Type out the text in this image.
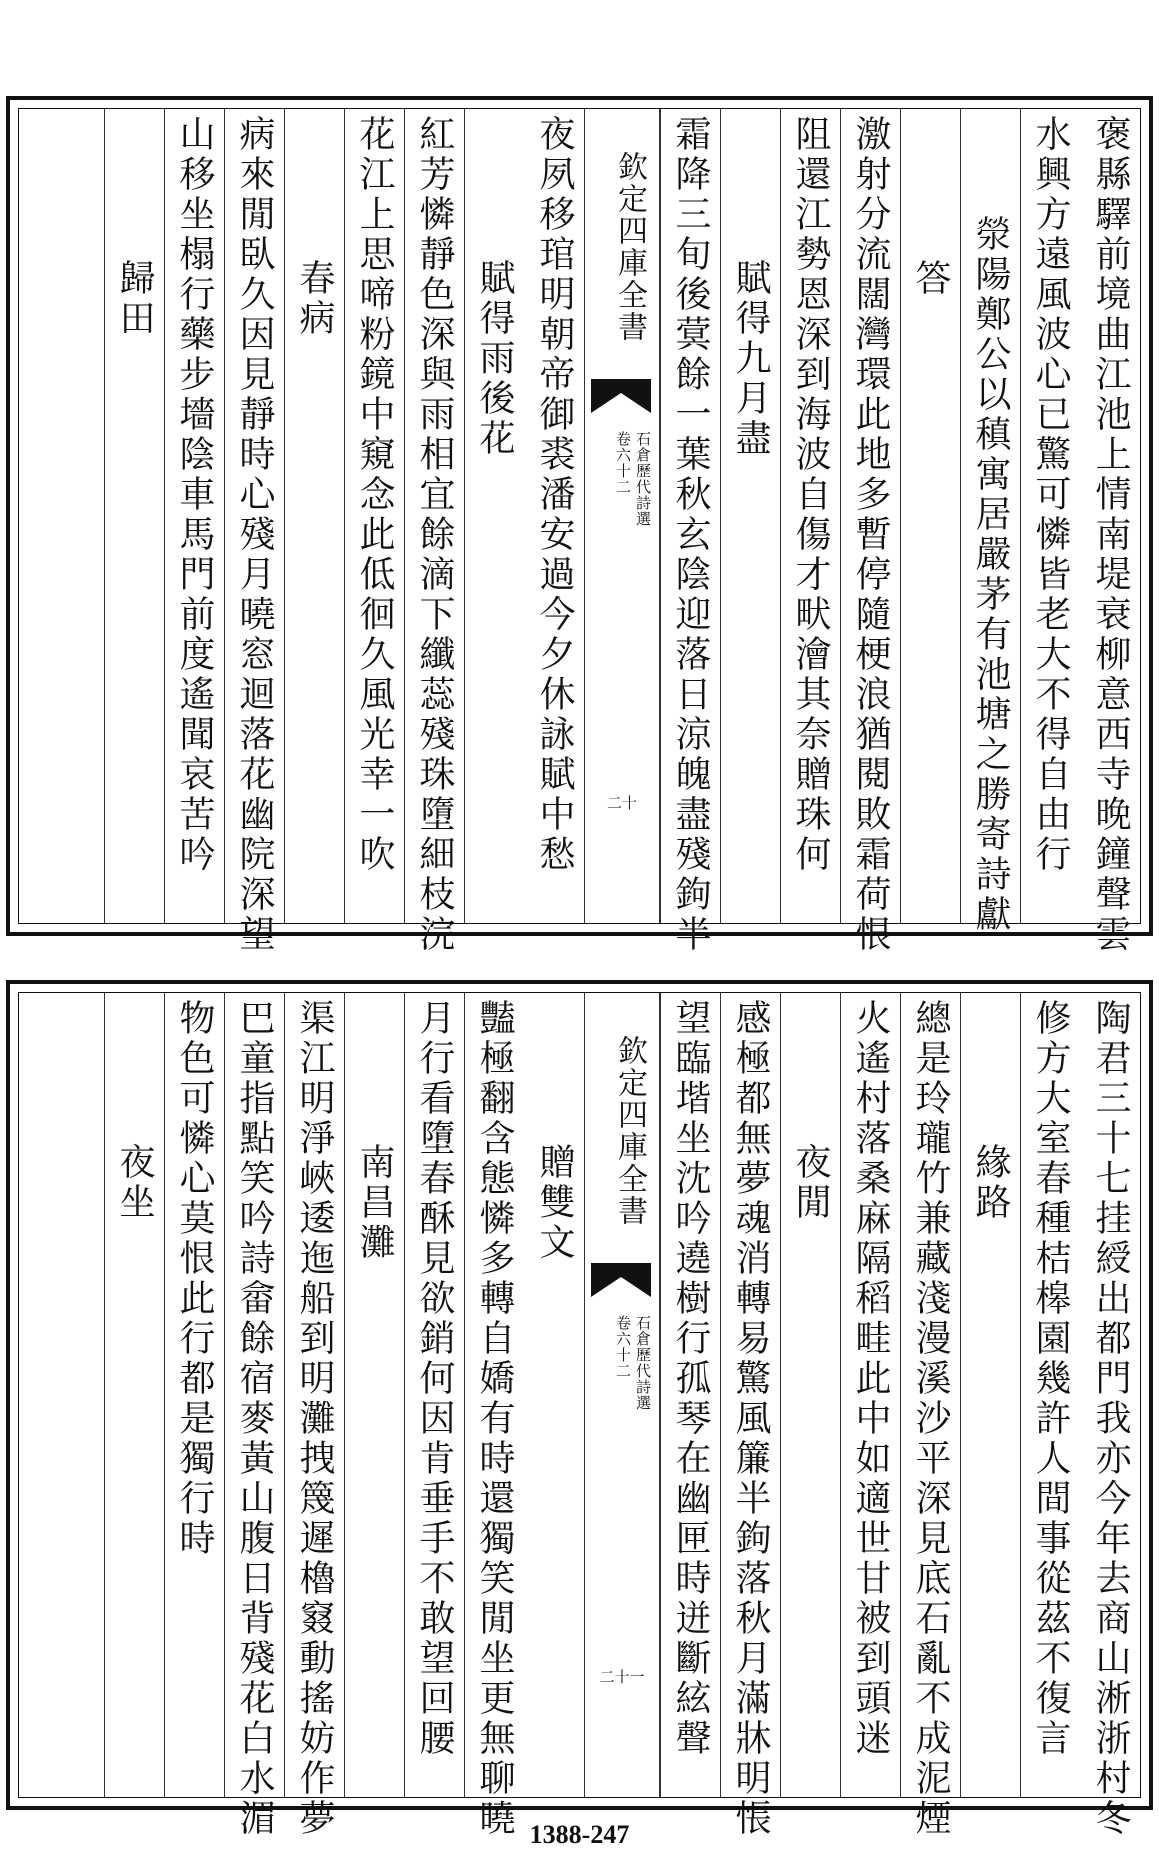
褒縣驛前境曲江池上情南堤衰柳意西寺晚鐘聲雲
水興方遠風波心已驚可憐皆老大不得自由行
滎陽鄭公以稹寓居嚴茅有池塘之勝寄詩獻
答
激射分流闊灣環此地多暫停隨梗浪猶閱敗霜荷恨
阻還江勢恩深到海波自傷才畎澮其奈贈珠何
賦得九月盡
霜降三旬後蓂餘一葉秋玄陰迎落日涼魄盡殘鉤半
欽定四庫全書
石倉歷代詩選
卷六十二
二十
夜夙移琯明朝帝御裘潘安過今夕休詠賦中愁
賦得雨後花
紅芳憐靜色深與雨相宜餘滴下纖蕊殘珠墮細枝浣
花江上思啼粉鏡中窺念此低徊久風光幸一吹
春病
病來閒臥久因見靜時心殘月曉窓迴落花幽院深望
山移坐榻行藥步墻陰車馬門前度遙聞哀苦吟
歸田
陶君三十七挂綬出都門我亦今年去商山淅浙村冬
修方大室春種桔槔園幾許人間事從茲不復言
緣路
總是玲瓏竹兼藏淺漫溪沙平深見底石亂不成泥煙
火遙村落桑麻隔稻畦此中如適世甘被到頭迷
夜閒
感極都無夢魂消轉易驚風簾半鉤落秋月滿牀明悵
望臨堦坐沈吟遶樹行孤琴在幽匣時迸斷絃聲
欽定四庫全書
石倉歷代詩選
卷六十二
二十一
贈雙文
豔極翻含態憐多轉自嬌有時還獨笑閒坐更無聊曉
月行看墮春酥見欲銷何因肯垂手不敢望回腰
南昌灘
渠江明淨峽逶迤船到明灘拽篾遲櫓窡動搖妨作夢
巴童指點笑吟詩畲餘宿麥黃山腹日背殘花白水湄
物色可憐心莫恨此行都是獨行時
夜坐
1388-247
